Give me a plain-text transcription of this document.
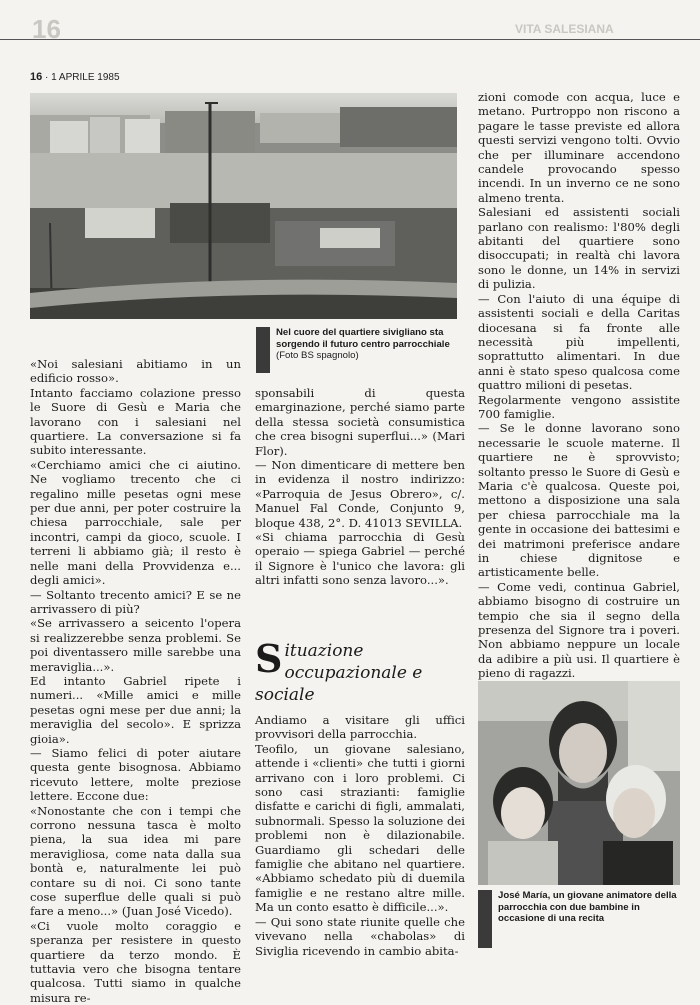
16	VITA SALESIANA
16 · 1 APRILE 1985
Nel cuore del quartiere sivigliano sta sorgendo il futuro centro parrocchiale (Foto BS spagnolo)

«Noi salesiani abitiamo in un edificio rosso».

Intanto facciamo colazione presso le Suore di Gesù e Maria che lavorano con i salesiani nel quartiere. La conversazione si fa subito interessante.

«Cerchiamo amici che ci aiutino. Ne vogliamo trecento che ci regalino mille pesetas ogni mese per due anni, per poter costruire la chiesa parrocchiale, sale per incontri, campi da gioco, scuole. I terreni li abbiamo già; il resto è nelle mani della Provvidenza e... degli amici».

— Soltanto trecento amici? E se ne arrivassero di più?

«Se arrivassero a seicento l'opera si realizzerebbe senza problemi. Se poi diventassero mille sarebbe una meraviglia...».

Ed intanto Gabriel ripete i numeri... «Mille amici e mille pesetas ogni mese per due anni; la meraviglia del secolo». E sprizza gioia».

— Siamo felici di poter aiutare questa gente bisognosa. Abbiamo ricevuto lettere, molte preziose lettere. Eccone due:

«Nonostante che con i tempi che corrono nessuna tasca è molto piena, la sua idea mi pare meravigliosa, come nata dalla sua bontà e, naturalmente lei può contare su di noi. Ci sono tante cose superflue delle quali si può fare a meno...» (Juan José Vicedo).

«Ci vuole molto coraggio e speranza per resistere in questo quartiere da terzo mondo. È tuttavia vero che bisogna tentare qualcosa. Tutti siamo in qualche misura re-

sponsabili di questa emarginazione, perché siamo parte della stessa società consumistica che crea bisogni superflui...» (Mari Flor).

— Non dimenticare di mettere ben in evidenza il nostro indirizzo: «Parroquia de Jesus Obrero», c/. Manuel Fal Conde, Conjunto 9, bloque 438, 2°. D. 41013 SEVILLA.

«Si chiama parrocchia di Gesù operaio — spiega Gabriel — perché il Signore è l'unico che lavora: gli altri infatti sono senza lavoro...».

Situazione occupazionale e sociale

Andiamo a visitare gli uffici provvisori della parrocchia.

Teofilo, un giovane salesiano, attende i «clienti» che tutti i giorni arrivano con i loro problemi. Ci sono casi strazianti: famiglie disfatte e carichi di figli, ammalati, subnormali. Spesso la soluzione dei problemi non è dilazionabile. Guardiamo gli schedari delle famiglie che abitano nel quartiere. «Abbiamo schedato più di duemila famiglie e ne restano altre mille. Ma un conto esatto è difficile...».

— Qui sono state riunite quelle che vivevano nella «chabolas» di Siviglia ricevendo in cambio abita-

zioni comode con acqua, luce e metano. Purtroppo non riscono a pagare le tasse previste ed allora questi servizi vengono tolti. Ovvio che per illuminare accendono candele provocando spesso incendi. In un inverno ce ne sono almeno trenta.

Salesiani ed assistenti sociali parlano con realismo: l'80% degli abitanti del quartiere sono disoccupati; in realtà chi lavora sono le donne, un 14% in servizi di pulizia.

— Con l'aiuto di una équipe di assistenti sociali e della Caritas diocesana si fa fronte alle necessità più impellenti, soprattutto alimentari. In due anni è stato speso qualcosa come quattro milioni di pesetas.

Regolarmente vengono assistite 700 famiglie.

— Se le donne lavorano sono necessarie le scuole materne. Il quartiere ne è sprovvisto; soltanto presso le Suore di Gesù e Maria c'è qualcosa. Queste poi, mettono a disposizione una sala per chiesa parrocchiale ma la gente in occasione dei battesimi e dei matrimoni preferisce andare in chiese dignitose e artisticamente belle.

— Come vedi, continua Gabriel, abbiamo bisogno di costruire un tempio che sia il segno della presenza del Signore tra i poveri. Non abbiamo neppure un locale da adibire a più usi. Il quartiere è pieno di ragazzi.

José María, un giovane animatore della parrocchia con due bambine in occasione di una recita
